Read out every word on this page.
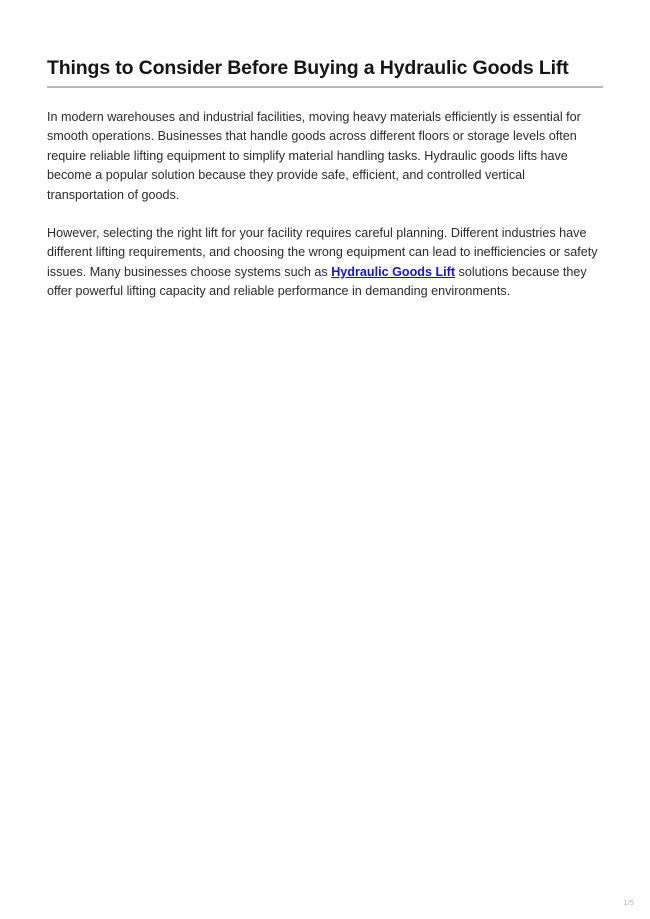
Things to Consider Before Buying a Hydraulic Goods Lift

In modern warehouses and industrial facilities, moving heavy materials efficiently is essential for smooth operations. Businesses that handle goods across different floors or storage levels often require reliable lifting equipment to simplify material handling tasks. Hydraulic goods lifts have become a popular solution because they provide safe, efficient, and controlled vertical transportation of goods.

However, selecting the right lift for your facility requires careful planning. Different industries have different lifting requirements, and choosing the wrong equipment can lead to inefficiencies or safety issues. Many businesses choose systems such as Hydraulic Goods Lift solutions because they offer powerful lifting capacity and reliable performance in demanding environments.

1/5
